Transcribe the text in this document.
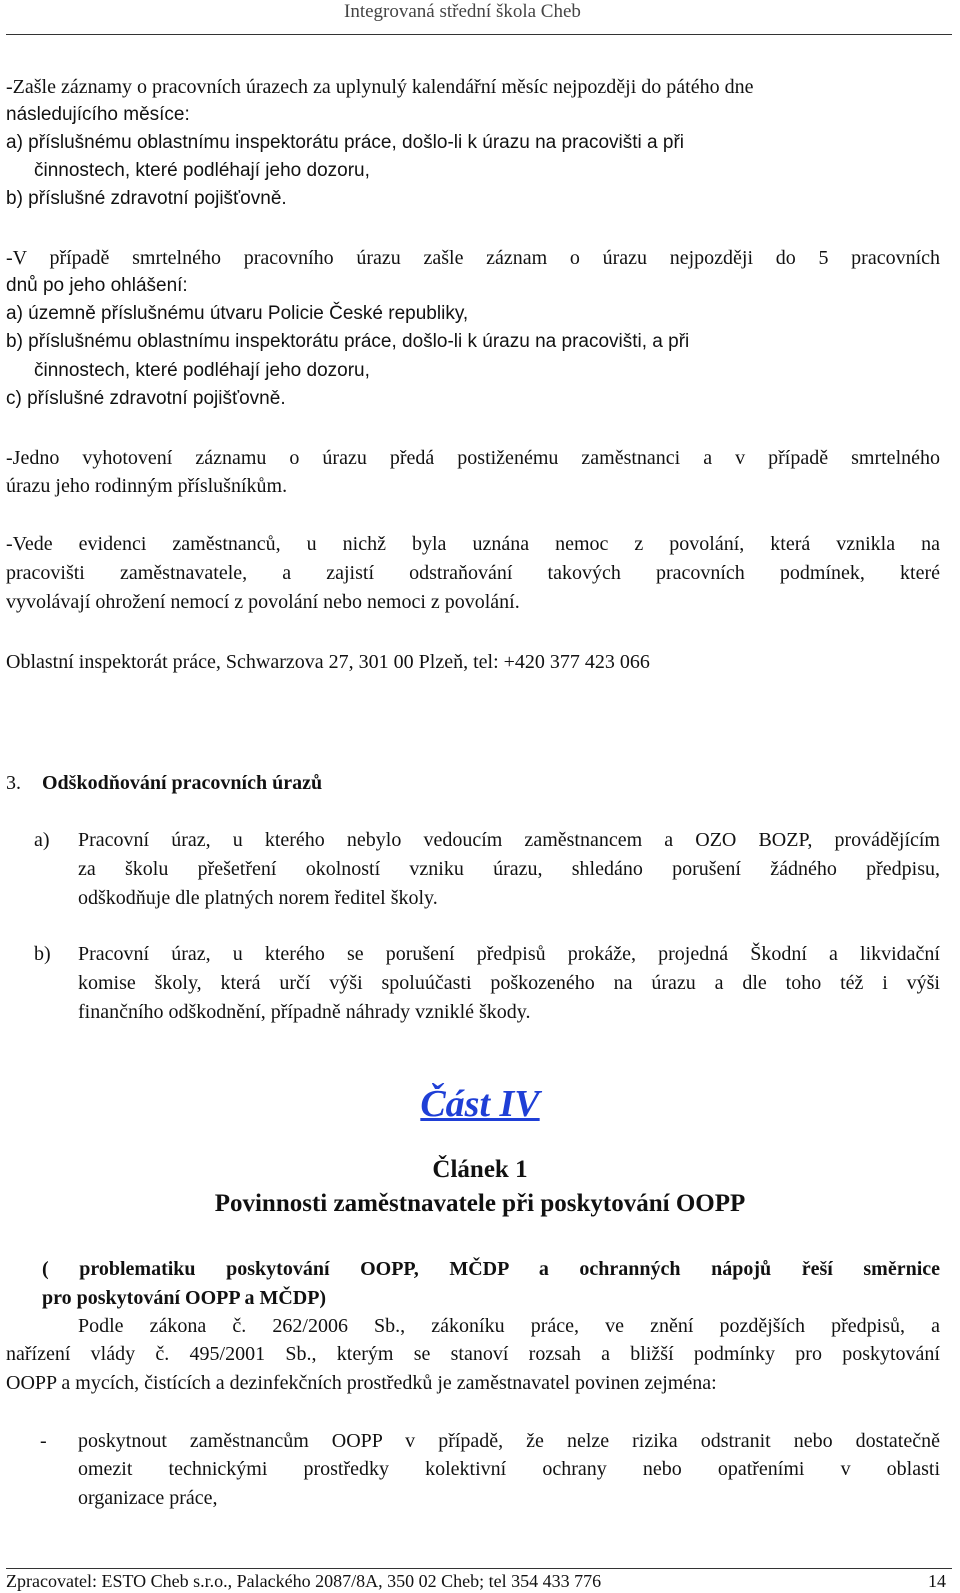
Integrovaná střední škola Cheb
-Zašle záznamy o pracovních úrazech za uplynulý kalendářní měsíc nejpozději do pátého dne
následujícího měsíce:
a) příslušnému oblastnímu inspektorátu práce, došlo-li k úrazu na pracovišti a při
činnostech, které podléhají jeho dozoru,
b) příslušné zdravotní pojišťovně.
-V případě smrtelného pracovního úrazu zašle záznam o úrazu nejpozději do 5 pracovních
dnů po jeho ohlášení:
a) územně příslušnému útvaru Policie České republiky,
b) příslušnému oblastnímu inspektorátu práce, došlo-li k úrazu na pracovišti, a při
činnostech, které podléhají jeho dozoru,
c) příslušné zdravotní pojišťovně.
-Jedno vyhotovení záznamu o úrazu předá postiženému zaměstnanci a v případě smrtelného
úrazu jeho rodinným příslušníkům.
-Vede evidenci zaměstnanců, u nichž byla uznána nemoc z povolání, která vznikla na
pracovišti zaměstnavatele, a zajistí odstraňování takových pracovních podmínek, které
vyvolávají ohrožení nemocí z povolání nebo nemoci z povolání.
Oblastní inspektorát práce, Schwarzova 27, 301 00 Plzeň, tel: +420 377 423 066
3. Odškodňování pracovních úrazů
a) Pracovní úraz, u kterého nebylo vedoucím zaměstnancem a OZO BOZP, provádějícím
za školu přešetření okolností vzniku úrazu, shledáno porušení žádného předpisu,
odškodňuje dle platných norem ředitel školy.
b) Pracovní úraz, u kterého se porušení předpisů prokáže, projedná Škodní a likvidační
komise školy, která určí výši spoluúčasti poškozeného na úrazu a dle toho též i výši
finančního odškodnění, případně náhrady vzniklé škody.
Část IV
Článek 1
Povinnosti zaměstnavatele při poskytování OOPP
( problematiku poskytování OOPP, MČDP a ochranných nápojů řeší směrnice
pro poskytování OOPP a MČDP)
Podle zákona č. 262/2006 Sb., zákoníku práce, ve znění pozdějších předpisů, a
nařízení vlády č. 495/2001 Sb., kterým se stanoví rozsah a bližší podmínky pro poskytování
OOPP a mycích, čistících a dezinfekčních prostředků je zaměstnavatel povinen zejména:
- poskytnout zaměstnancům OOPP v případě, že nelze rizika odstranit nebo dostatečně
omezit technickými prostředky kolektivní ochrany nebo opatřeními v oblasti
organizace práce,
Zpracovatel: ESTO Cheb s.r.o., Palackého 2087/8A, 350 02 Cheb; tel 354 433 776	14
